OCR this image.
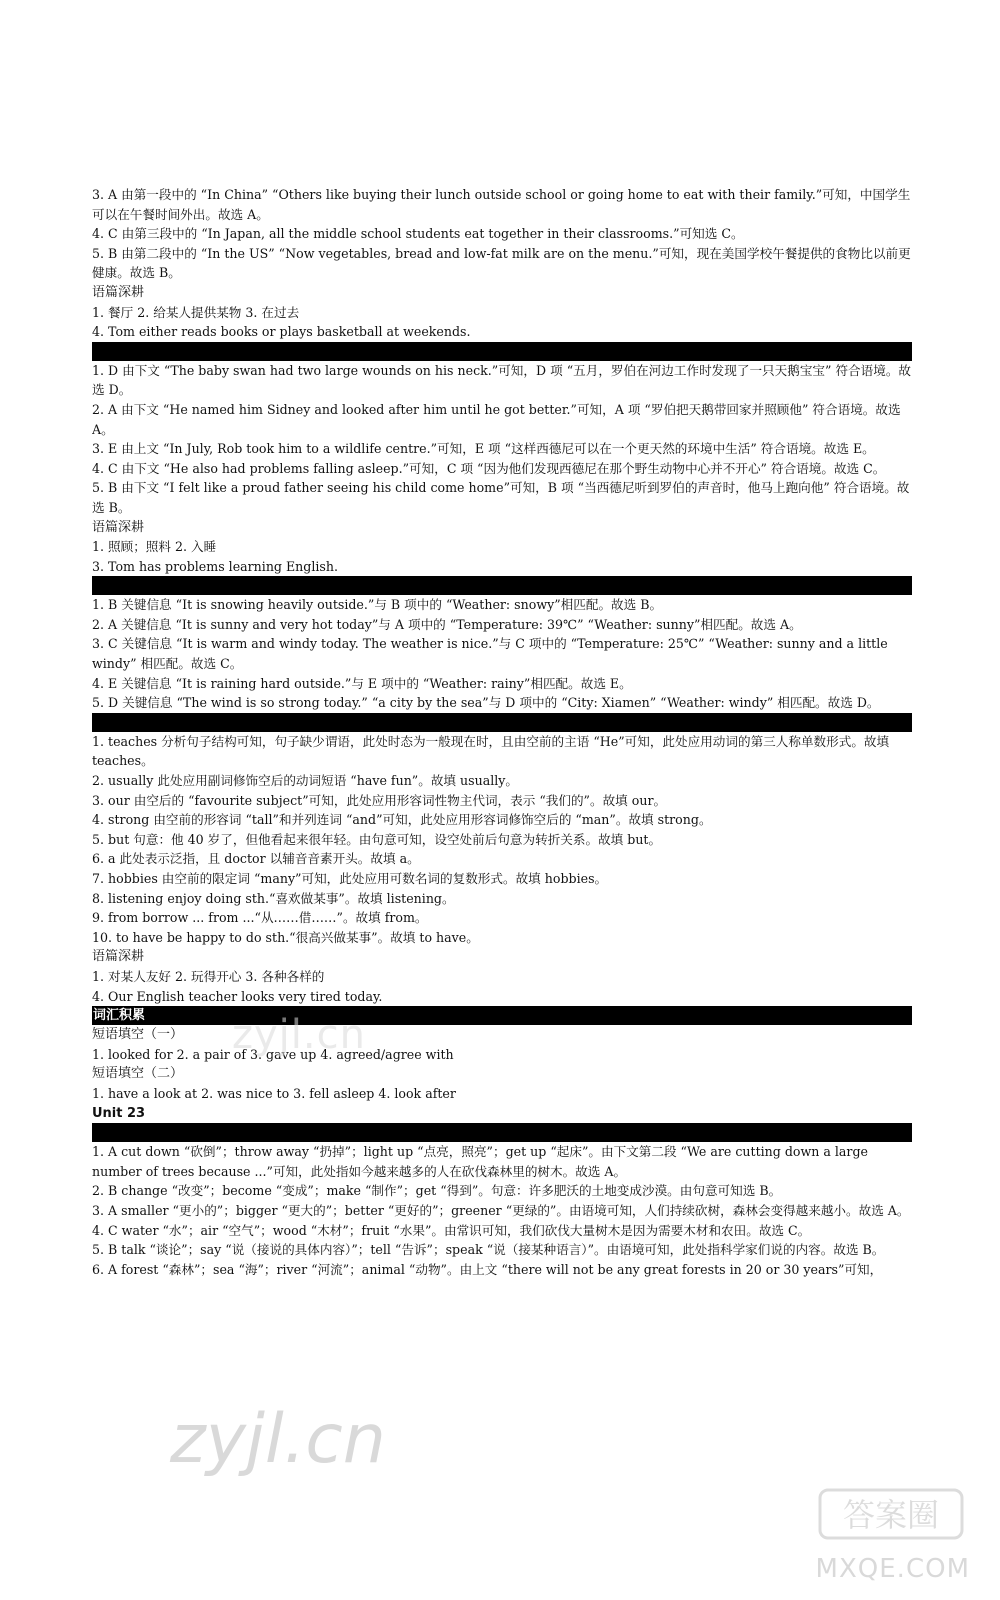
3. A 由第一段中的 “In China” “Others like buying their lunch outside school or going home to eat with their family.”可知，中国学生可以在午餐时间外出。故选 A。
4. C 由第三段中的 “In Japan, all the middle school students eat together in their classrooms.”可知选 C。
5. B 由第二段中的 “In the US” “Now vegetables, bread and low-fat milk are on the menu.”可知，现在美国学校午餐提供的食物比以前更健康。故选 B。
语篇深耕
1. 餐厅 2. 给某人提供某物 3. 在过去
4. Tom either reads books or plays basketball at weekends.
E
1. D 由下文 “The baby swan had two large wounds on his neck.”可知，D 项 “五月，罗伯在河边工作时发现了一只天鹅宝宝” 符合语境。故选 D。
2. A 由下文 “He named him Sidney and looked after him until he got better.”可知，A 项 “罗伯把天鹅带回家并照顾他” 符合语境。故选 A。
3. E 由上文 “In July, Rob took him to a wildlife centre.”可知，E 项 “这样西德尼可以在一个更天然的环境中生活” 符合语境。故选 E。
4. C 由下文 “He also had problems falling asleep.”可知，C 项 “因为他们发现西德尼在那个野生动物中心并不开心” 符合语境。故选 C。
5. B 由下文 “I felt like a proud father seeing his child come home”可知，B 项 “当西德尼听到罗伯的声音时，他马上跑向他” 符合语境。故选 B。
语篇深耕
1. 照顾；照料 2. 入睡
3. Tom has problems learning English.
F
1. B 关键信息 “It is snowing heavily outside.”与 B 项中的 “Weather: snowy”相匹配。故选 B。
2. A 关键信息 “It is sunny and very hot today”与 A 项中的 “Temperature: 39℃” “Weather: sunny”相匹配。故选 A。
3. C 关键信息 “It is warm and windy today. The weather is nice.”与 C 项中的 “Temperature: 25℃” “Weather: sunny and a little windy” 相匹配。故选 C。
4. E 关键信息 “It is raining hard outside.”与 E 项中的 “Weather: rainy”相匹配。故选 E。
5. D 关键信息 “The wind is so strong today.” “a city by the sea”与 D 项中的 “City: Xiamen” “Weather: windy” 相匹配。故选 D。
G
1. teaches 分析句子结构可知，句子缺少谓语，此处时态为一般现在时，且由空前的主语 “He”可知，此处应用动词的第三人称单数形式。故填 teaches。
2. usually 此处应用副词修饰空后的动词短语 “have fun”。故填 usually。
3. our 由空后的 “favourite subject”可知，此处应用形容词性物主代词，表示 “我们的”。故填 our。
4. strong 由空前的形容词 “tall”和并列连词 “and”可知，此处应用形容词修饰空后的 “man”。故填 strong。
5. but 句意：他 40 岁了，但他看起来很年轻。由句意可知，设空处前后句意为转折关系。故填 but。
6. a 此处表示泛指，且 doctor 以辅音音素开头。故填 a。
7. hobbies 由空前的限定词 “many”可知，此处应用可数名词的复数形式。故填 hobbies。
8. listening enjoy doing sth.“喜欢做某事”。故填 listening。
9. from borrow ... from ...“从……借……”。故填 from。
10. to have be happy to do sth.“很高兴做某事”。故填 to have。
语篇深耕
1. 对某人友好 2. 玩得开心 3. 各种各样的
4. Our English teacher looks very tired today.
词汇积累
短语填空（一）
1. looked for 2. a pair of 3. gave up 4. agreed/agree with
短语填空（二）
1. have a look at 2. was nice to 3. fell asleep 4. look after
Unit 23
A
1. A cut down “砍倒”；throw away “扔掉”；light up “点亮，照亮”；get up “起床”。由下文第二段 “We are cutting down a large number of trees because ...”可知，此处指如今越来越多的人在砍伐森林里的树木。故选 A。
2. B change “改变”；become “变成”；make “制作”；get “得到”。句意：许多肥沃的土地变成沙漠。由句意可知选 B。
3. A smaller “更小的”；bigger “更大的”；better “更好的”；greener “更绿的”。由语境可知，人们持续砍树，森林会变得越来越小。故选 A。
4. C water “水”；air “空气”；wood “木材”；fruit “水果”。由常识可知，我们砍伐大量树木是因为需要木材和农田。故选 C。
5. B talk “谈论”；say “说（接说的具体内容）”；tell “告诉”；speak “说（接某种语言）”。由语境可知，此处指科学家们说的内容。故选 B。
6. A forest “森林”；sea “海”；river “河流”；animal “动物”。由上文 “there will not be any great forests in 20 or 30 years”可知，
zyjl.cn
zyjl.cn
答案圈
MXQE.COM
